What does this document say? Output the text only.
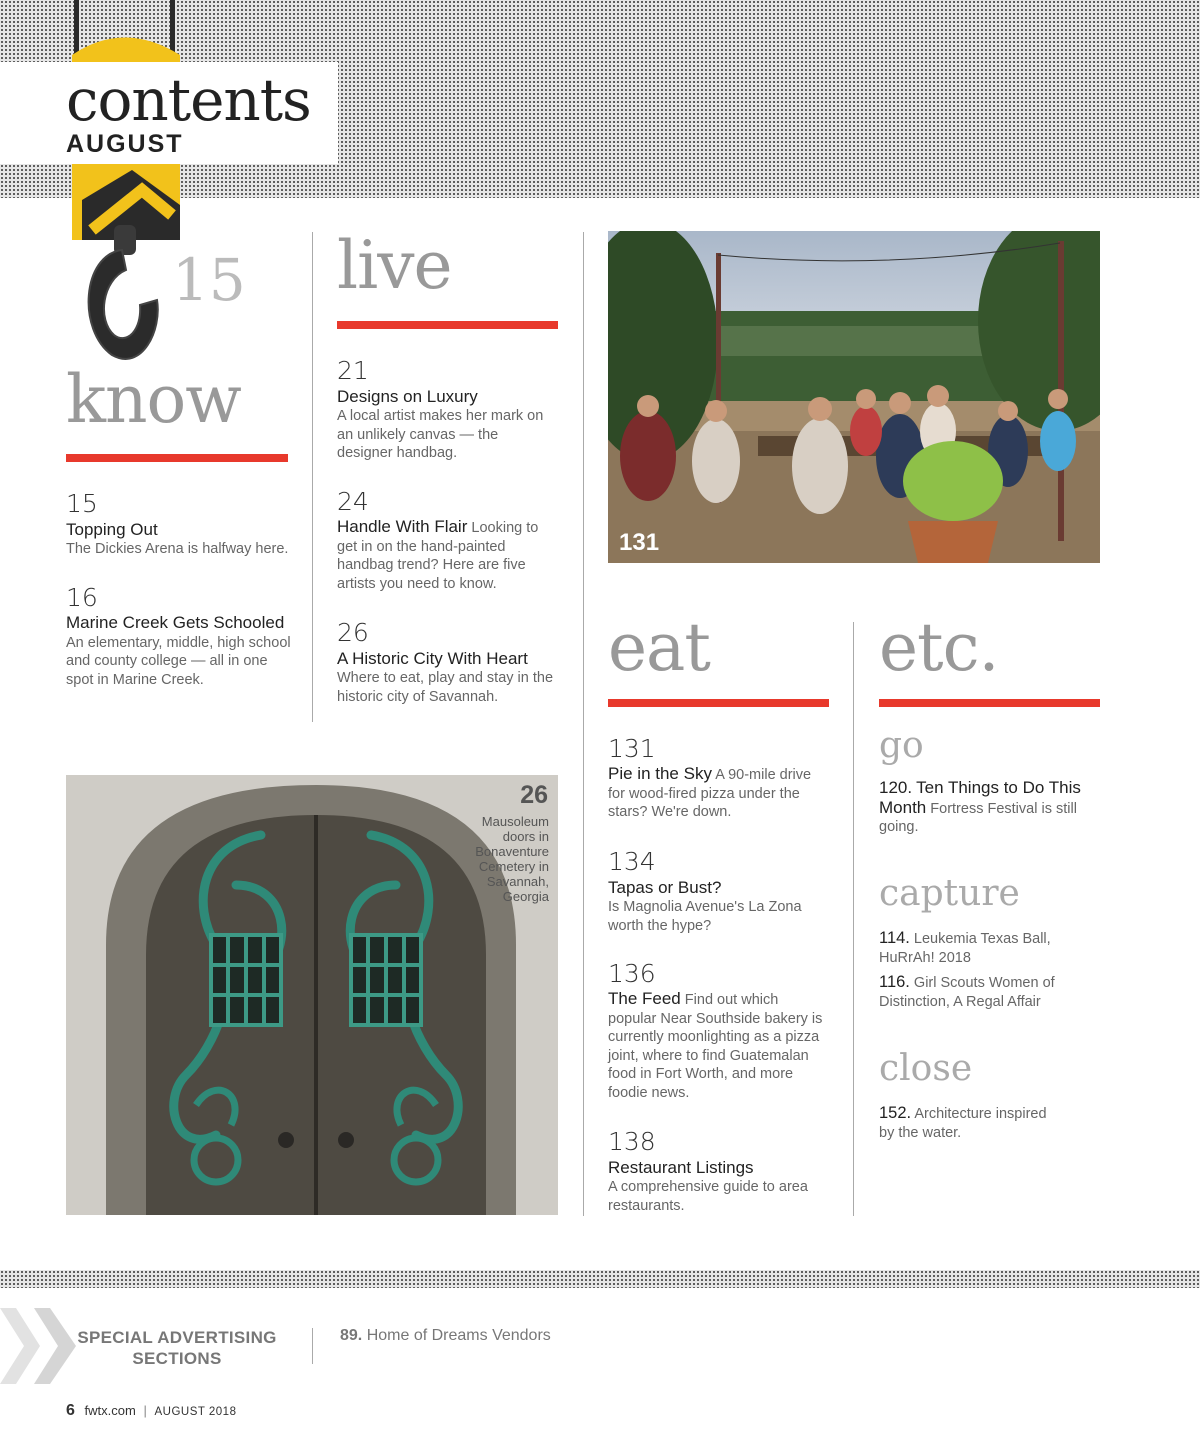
contents
AUGUST
15
know
15
Topping Out
The Dickies Arena is halfway here.
16
Marine Creek Gets Schooled An elementary, middle, high school and county college — all in one spot in Marine Creek.
live
21
Designs on Luxury
A local artist makes her mark on an unlikely canvas — the designer handbag.
24
Handle With Flair Looking to get in on the hand-painted handbag trend? Here are five artists you need to know.
26
A Historic City With Heart
Where to eat, play and stay in the historic city of Savannah.
131
26
Mausoleum doors in Bonaventure Cemetery in Savannah, Georgia
eat
131
Pie in the Sky A 90-mile drive for wood-fired pizza under the stars? We're down.
134
Tapas or Bust?
Is Magnolia Avenue's La Zona worth the hype?
136
The Feed Find out which popular Near Southside bakery is currently moonlighting as a pizza joint, where to find Guatemalan food in Fort Worth, and more foodie news.
138
Restaurant Listings
A comprehensive guide to area restaurants.
etc.
go
120. Ten Things to Do This Month Fortress Festival is still going.
capture
114. Leukemia Texas Ball, HuRrAh! 2018
116. Girl Scouts Women of Distinction, A Regal Affair
close
152. Architecture inspired by the water.
SPECIAL ADVERTISING
SECTIONS
89. Home of Dreams Vendors
6 fwtx.com | AUGUST 2018
